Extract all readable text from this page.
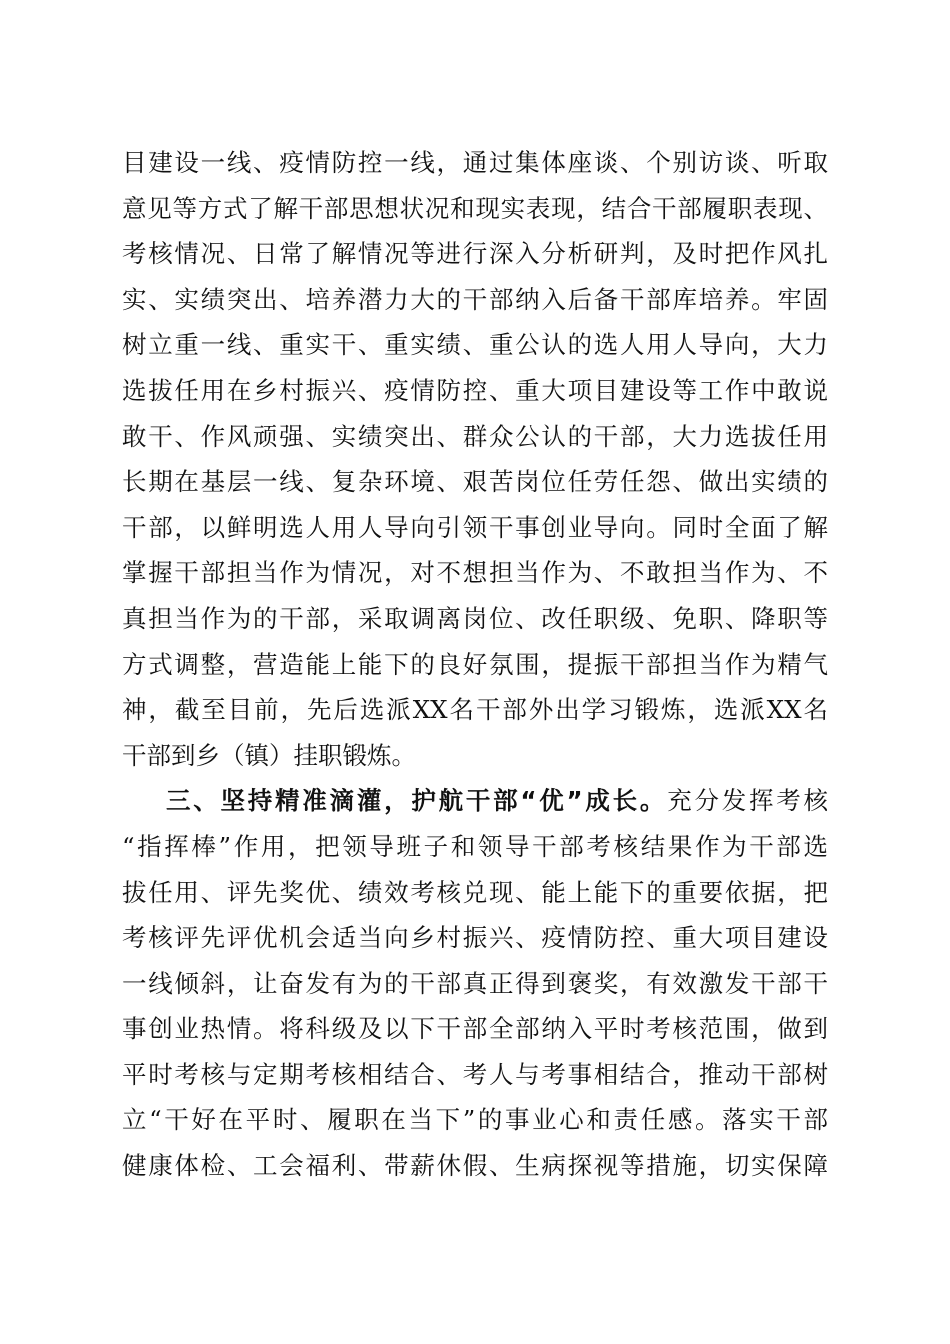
目建设一线、疫情防控一线，通过集体座谈、个别访谈、听取
意见等方式了解干部思想状况和现实表现，结合干部履职表现、
考核情况、日常了解情况等进行深入分析研判，及时把作风扎
实、实绩突出、培养潜力大的干部纳入后备干部库培养。牢固
树立重一线、重实干、重实绩、重公认的选人用人导向，大力
选拔任用在乡村振兴、疫情防控、重大项目建设等工作中敢说
敢干、作风顽强、实绩突出、群众公认的干部，大力选拔任用
长期在基层一线、复杂环境、艰苦岗位任劳任怨、做出实绩的
干部，以鲜明选人用人导向引领干事创业导向。同时全面了解
掌握干部担当作为情况，对不想担当作为、不敢担当作为、不
真担当作为的干部，采取调离岗位、改任职级、免职、降职等
方式调整，营造能上能下的良好氛围，提振干部担当作为精气
神，截至目前，先后选派XX名干部外出学习锻炼，选派XX名
干部到乡（镇）挂职锻炼。
三、坚持精准滴灌，护航干部“优”成长。充分发挥考核
“指挥棒”作用，把领导班子和领导干部考核结果作为干部选
拔任用、评先奖优、绩效考核兑现、能上能下的重要依据，把
考核评先评优机会适当向乡村振兴、疫情防控、重大项目建设
一线倾斜，让奋发有为的干部真正得到褒奖，有效激发干部干
事创业热情。将科级及以下干部全部纳入平时考核范围，做到
平时考核与定期考核相结合、考人与考事相结合，推动干部树
立“干好在平时、履职在当下”的事业心和责任感。落实干部
健康体检、工会福利、带薪休假、生病探视等措施，切实保障
